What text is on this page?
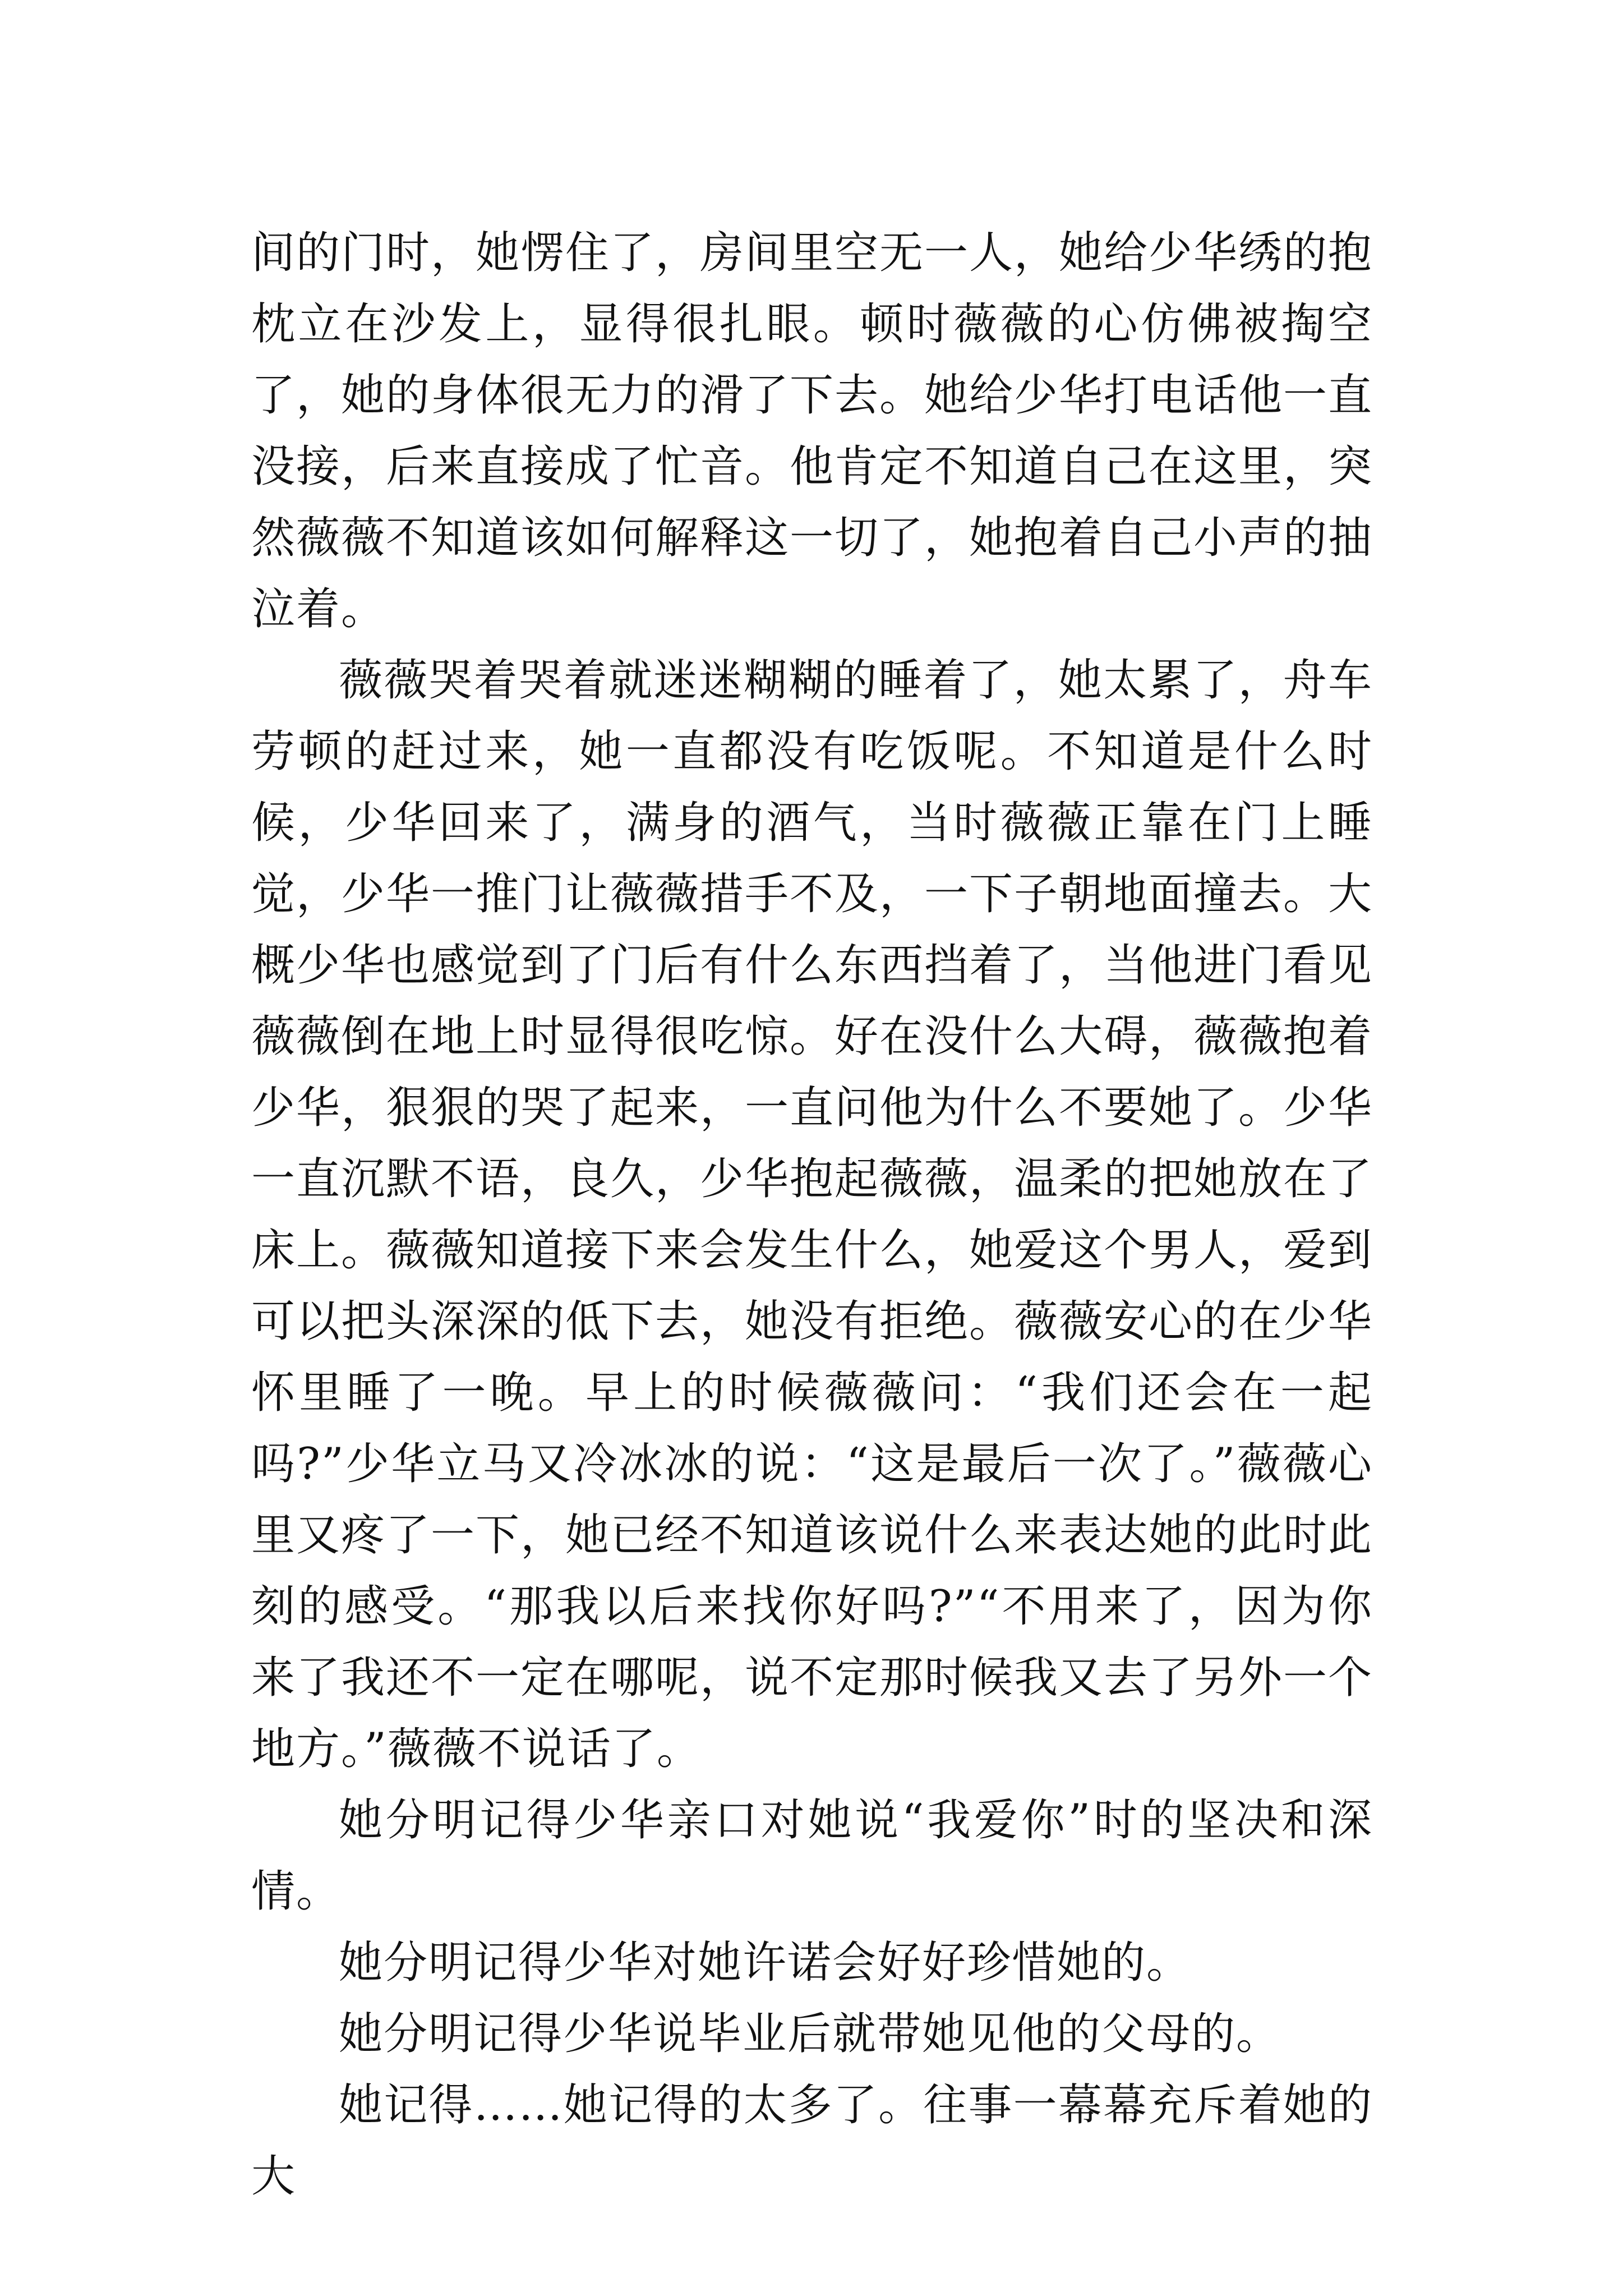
间的门时，她愣住了，房间里空无一人，她给少华绣的抱枕立在沙发上，显得很扎眼。顿时薇薇的心仿佛被掏空了，她的身体很无力的滑了下去。她给少华打电话他一直没接，后来直接成了忙音。他肯定不知道自己在这里，突然薇薇不知道该如何解释这一切了，她抱着自己小声的抽泣着。

薇薇哭着哭着就迷迷糊糊的睡着了，她太累了，舟车劳顿的赶过来，她一直都没有吃饭呢。不知道是什么时候，少华回来了，满身的酒气，当时薇薇正靠在门上睡觉，少华一推门让薇薇措手不及，一下子朝地面撞去。大概少华也感觉到了门后有什么东西挡着了，当他进门看见薇薇倒在地上时显得很吃惊。好在没什么大碍，薇薇抱着少华，狠狠的哭了起来，一直问他为什么不要她了。少华一直沉默不语，良久，少华抱起薇薇，温柔的把她放在了床上。薇薇知道接下来会发生什么，她爱这个男人，爱到可以把头深深的低下去，她没有拒绝。薇薇安心的在少华怀里睡了一晚。早上的时候薇薇问：“我们还会在一起吗?”少华立马又冷冰冰的说：“这是最后一次了。”薇薇心里又疼了一下，她已经不知道该说什么来表达她的此时此刻的感受。“那我以后来找你好吗?”“不用来了，因为你来了我还不一定在哪呢，说不定那时候我又去了另外一个地方。”薇薇不说话了。

她分明记得少华亲口对她说“我爱你”时的坚决和深情。

她分明记得少华对她许诺会好好珍惜她的。

她分明记得少华说毕业后就带她见他的父母的。

她记得……她记得的太多了。往事一幕幕充斥着她的大
